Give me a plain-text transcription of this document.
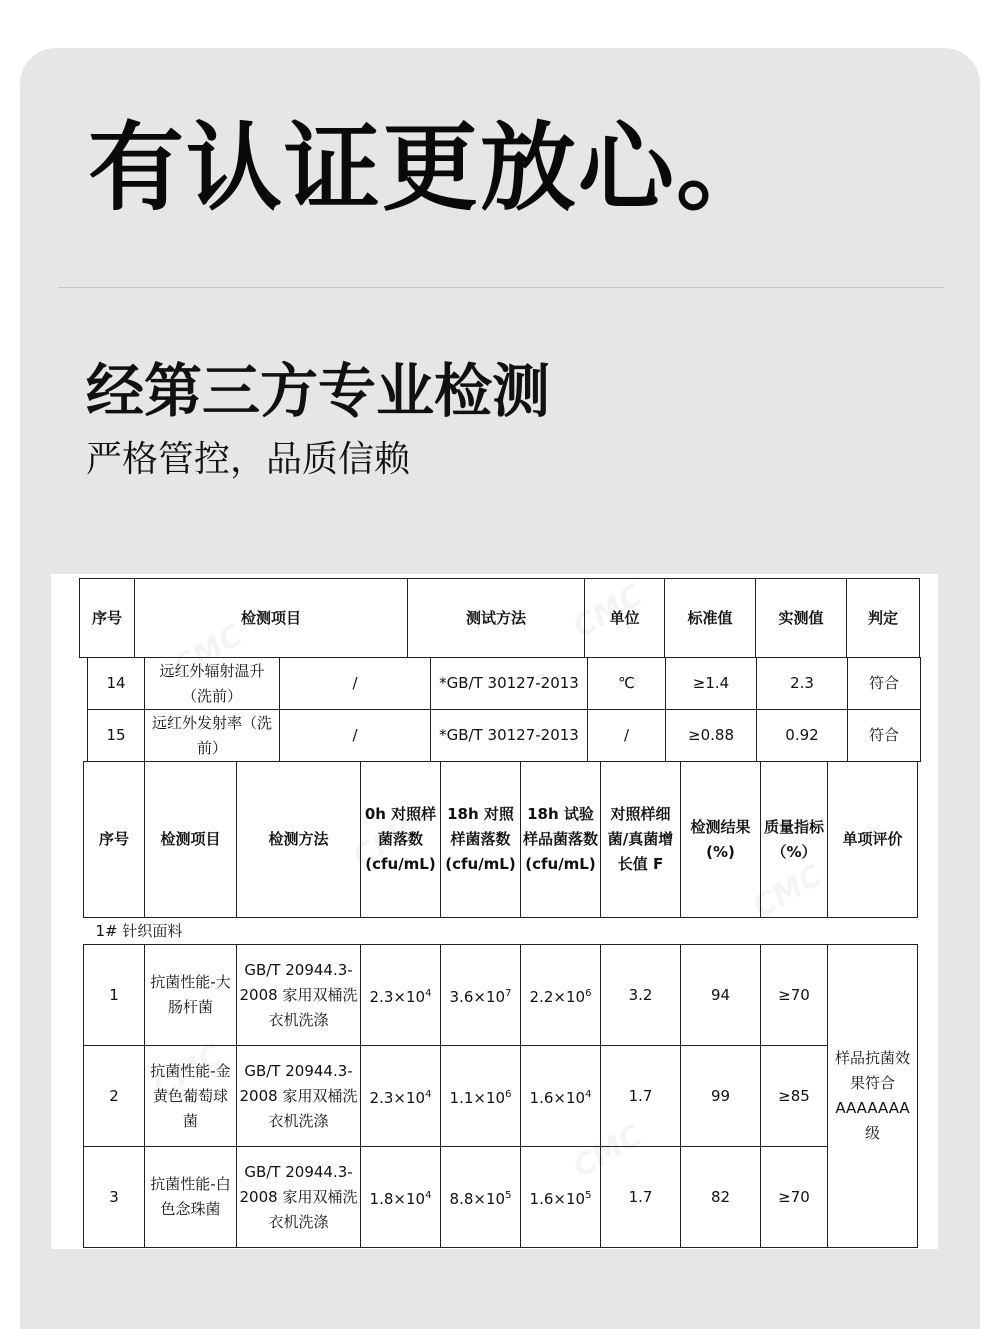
有认证更放心。
经第三方专业检测
严格管控，品质信赖
序号	检测项目	测试方法	单位	标准值	实测值	判定
14	远红外辐射温升（洗前）	/	*GB/T 30127-2013	℃	≥1.4	2.3	符合
15	远红外发射率（洗前）	/	*GB/T 30127-2013	/	≥0.88	0.92	符合
序号	检测项目	检测方法	0h 对照样菌落数(cfu/mL)	18h 对照样菌落数(cfu/mL)	18h 试验样品菌落数(cfu/mL)	对照样细菌/真菌增长值 F	检测结果(%)	质量指标（%）	单项评价
1# 针织面料									
1	抗菌性能-大肠杆菌	GB/T 20944.3-2008 家用双桶洗衣机洗涤	$2.3\times 10^4$	$3.6\times 10^7$	$2.2\times 10^6$	3.2	94	≥70	样品抗菌效果符合AAAAAAA级
2	抗菌性能-金黄色葡萄球菌	GB/T 20944.3-2008 家用双桶洗衣机洗涤	$2.3\times 10^4$	$1.1\times 10^6$	$1.6\times 10^4$	1.7	99	≥85	
3	抗菌性能-白色念珠菌	GB/T 20944.3-2008 家用双桶洗衣机洗涤	$1.8\times 10^4$	$8.8\times 10^5$	$1.6\times 10^5$	1.7	82	≥70	
